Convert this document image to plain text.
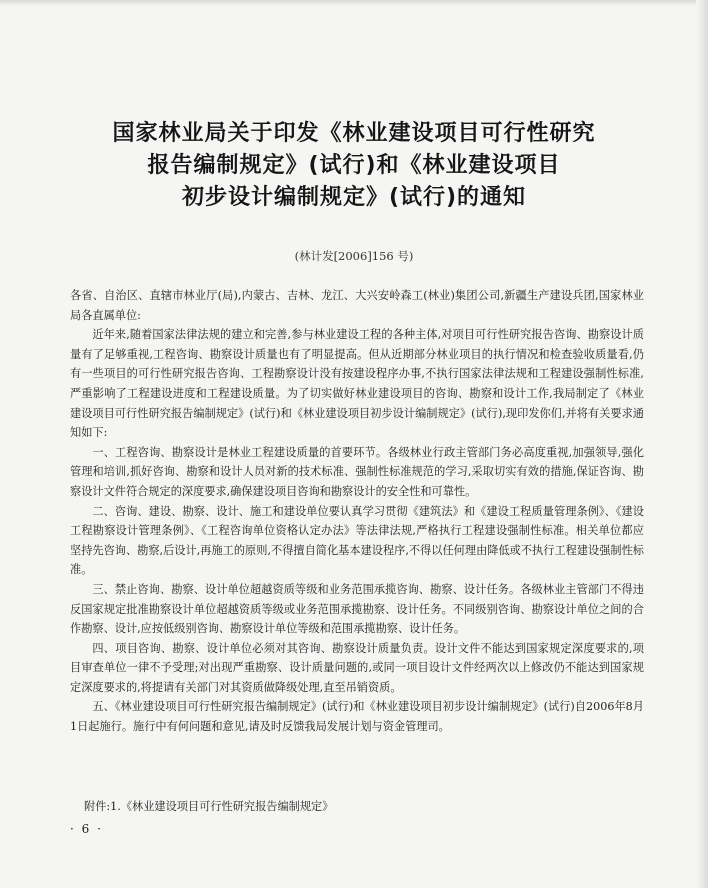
国家林业局关于印发《林业建设项目可行性研究
报告编制规定》(试行)和《林业建设项目
初步设计编制规定》(试行)的通知
(林计发[2006]156 号)

各省、自治区、直辖市林业厅(局),内蒙古、吉林、龙江、大兴安岭森工(林业)集团公司,新疆生产建设兵团,国家林业局各直属单位:

近年来,随着国家法律法规的建立和完善,参与林业建设工程的各种主体,对项目可行性研究报告咨询、勘察设计质量有了足够重视,工程咨询、勘察设计质量也有了明显提高。但从近期部分林业项目的执行情况和检查验收质量看,仍有一些项目的可行性研究报告咨询、工程勘察设计没有按建设程序办事,不执行国家法律法规和工程建设强制性标准,严重影响了工程建设进度和工程建设质量。为了切实做好林业建设项目的咨询、勘察和设计工作,我局制定了《林业建设项目可行性研究报告编制规定》(试行)和《林业建设项目初步设计编制规定》(试行),现印发你们,并将有关要求通知如下:

一、工程咨询、勘察设计是林业工程建设质量的首要环节。各级林业行政主管部门务必高度重视,加强领导,强化管理和培训,抓好咨询、勘察和设计人员对新的技术标准、强制性标准规范的学习,采取切实有效的措施,保证咨询、勘察设计文件符合规定的深度要求,确保建设项目咨询和勘察设计的安全性和可靠性。

二、咨询、建设、勘察、设计、施工和建设单位要认真学习贯彻《建筑法》和《建设工程质量管理条例》、《建设工程勘察设计管理条例》、《工程咨询单位资格认定办法》等法律法规,严格执行工程建设强制性标准。相关单位都应坚持先咨询、勘察,后设计,再施工的原则,不得擅自简化基本建设程序,不得以任何理由降低或不执行工程建设强制性标准。

三、禁止咨询、勘察、设计单位超越资质等级和业务范围承揽咨询、勘察、设计任务。各级林业主管部门不得违反国家规定批准勘察设计单位超越资质等级或业务范围承揽勘察、设计任务。不同级别咨询、勘察设计单位之间的合作勘察、设计,应按低级别咨询、勘察设计单位等级和范围承揽勘察、设计任务。

四、项目咨询、勘察、设计单位必须对其咨询、勘察设计质量负责。设计文件不能达到国家规定深度要求的,项目审查单位一律不予受理;对出现严重勘察、设计质量问题的,或同一项目设计文件经两次以上修改仍不能达到国家规定深度要求的,将提请有关部门对其资质做降级处理,直至吊销资质。

五、《林业建设项目可行性研究报告编制规定》(试行)和《林业建设项目初步设计编制规定》(试行)自2006年8月1日起施行。施行中有何问题和意见,请及时反馈我局发展计划与资金管理司。

附件:1.《林业建设项目可行性研究报告编制规定》
· 6 ·
